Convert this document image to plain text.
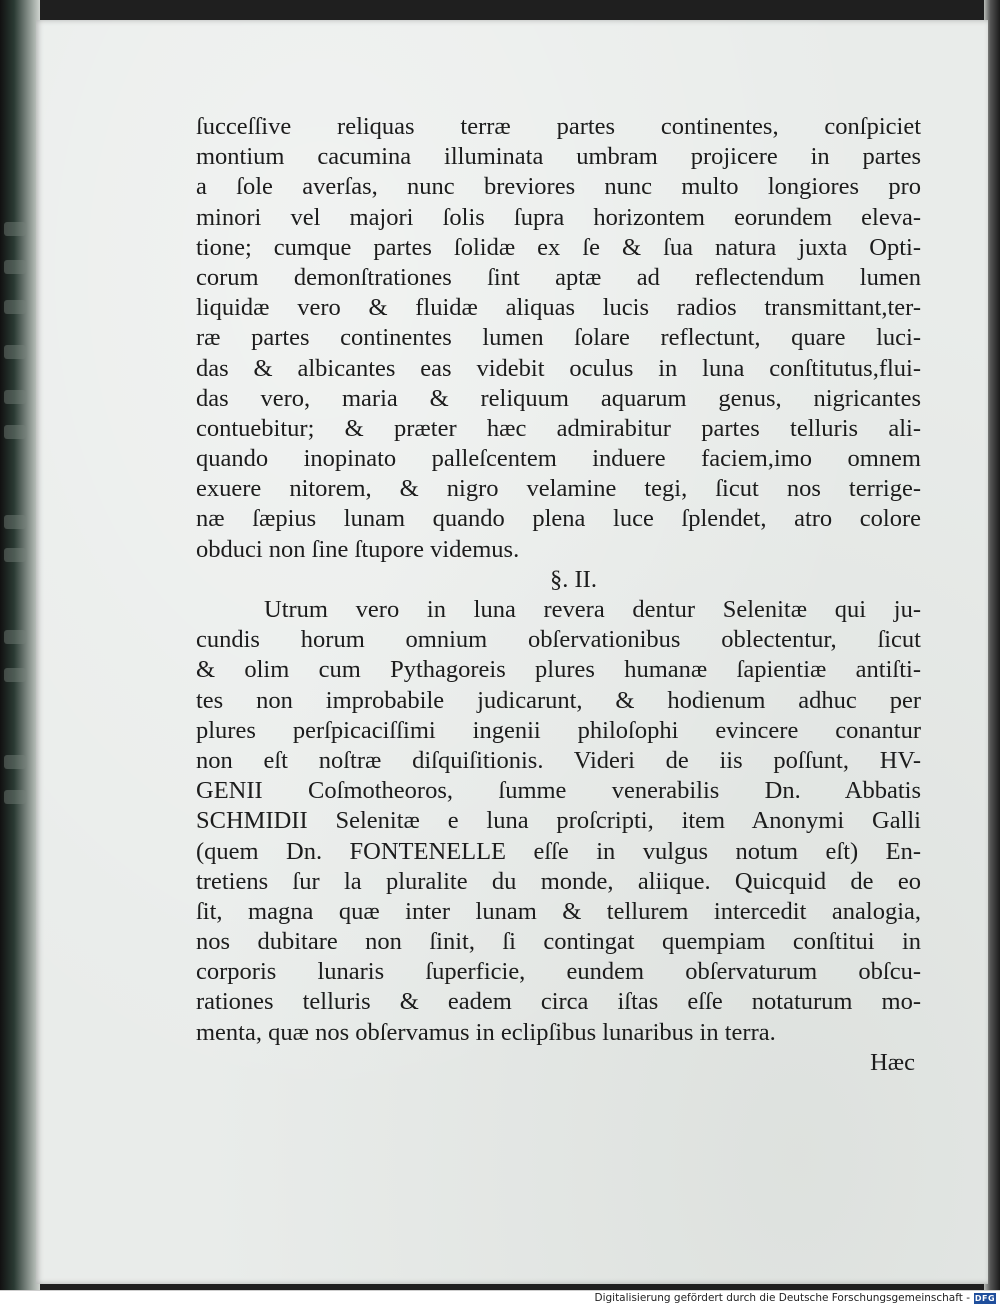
ſucceſſive reliquas terræ partes continentes, conſpiciet
montium cacumina illuminata umbram projicere in partes
a ſole averſas, nunc breviores nunc multo longiores pro
minori vel majori ſolis ſupra horizontem eorundem eleva-
tione; cumque partes ſolidæ ex ſe & ſua natura juxta Opti-
corum demonſtrationes ſint aptæ ad reflectendum lumen
liquidæ vero & fluidæ aliquas lucis radios transmittant,ter-
ræ partes continentes lumen ſolare reflectunt, quare luci-
das & albicantes eas videbit oculus in luna conſtitutus,flui-
das vero, maria & reliquum aquarum genus, nigricantes
contuebitur; & præter hæc admirabitur partes telluris ali-
quando inopinato palleſcentem induere faciem,imo omnem
exuere nitorem, & nigro velamine tegi, ſicut nos terrige-
næ ſæpius lunam quando plena luce ſplendet, atro colore
obduci non ſine ſtupore videmus.
§. II.
Utrum vero in luna revera dentur Selenitæ qui ju-
cundis horum omnium obſervationibus oblectentur, ſicut
& olim cum Pythagoreis plures humanæ ſapientiæ antiſti-
tes non improbabile judicarunt, & hodienum adhuc per
plures perſpicaciſſimi ingenii philoſophi evincere conantur
non eſt noſtræ diſquiſitionis. Videri de iis poſſunt, HV-
GENII Coſmotheoros, ſumme venerabilis Dn. Abbatis
SCHMIDII Selenitæ e luna proſcripti, item Anonymi Galli
(quem Dn. FONTENELLE eſſe in vulgus notum eſt) En-
tretiens ſur la pluralite du monde, aliique. Quicquid de eo
ſit, magna quæ inter lunam & tellurem intercedit analogia,
nos dubitare non ſinit, ſi contingat quempiam conſtitui in
corporis lunaris ſuperficie, eundem obſervaturum obſcu-
rationes telluris & eadem circa iſtas eſſe notaturum mo-
menta, quæ nos obſervamus in eclipſibus lunaribus in terra.
Hæc
Digitalisierung gefördert durch die Deutsche Forschungsgemeinschaft - DFG
